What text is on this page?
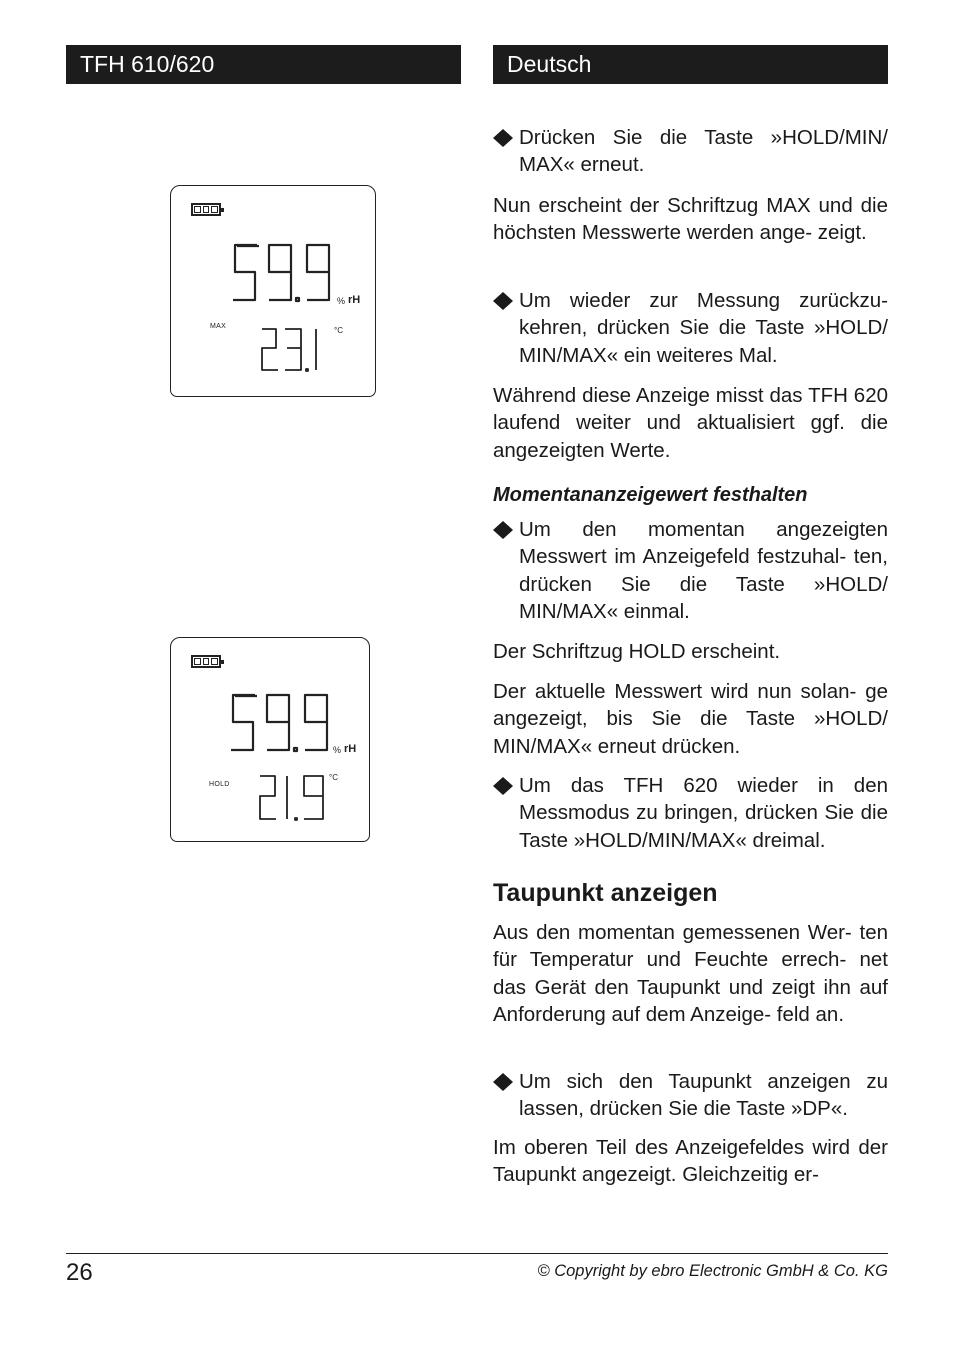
TFH 610/620	Deutsch
% rH
MAX	°C
% rH
HOLD
°C
Drücken Sie die Taste »HOLD/MIN/ MAX« erneut.

Nun erscheint der Schriftzug MAX und die höchsten Messwerte werden ange- zeigt.

Um wieder zur Messung zurückzu- kehren, drücken Sie die Taste »HOLD/ MIN/MAX« ein weiteres Mal.

Während diese Anzeige misst das TFH 620 laufend weiter und aktualisiert ggf. die angezeigten Werte.

Momentananzeigewert festhalten
Um den momentan angezeigten Messwert im Anzeigefeld festzuhal- ten, drücken Sie die Taste »HOLD/ MIN/MAX« einmal.

Der Schriftzug HOLD erscheint.

Der aktuelle Messwert wird nun solan- ge angezeigt, bis Sie die Taste »HOLD/ MIN/MAX« erneut drücken.

Um das TFH 620 wieder in den Messmodus zu bringen, drücken Sie die Taste »HOLD/MIN/MAX« dreimal.
Taupunkt anzeigen

Aus den momentan gemessenen Wer- ten für Temperatur und Feuchte errech- net das Gerät den Taupunkt und zeigt ihn auf Anforderung auf dem Anzeige- feld an.

Um sich den Taupunkt anzeigen zu lassen, drücken Sie die Taste »DP«.

Im oberen Teil des Anzeigefeldes wird der Taupunkt angezeigt. Gleichzeitig er-

26	© Copyright by ebro Electronic GmbH & Co. KG
